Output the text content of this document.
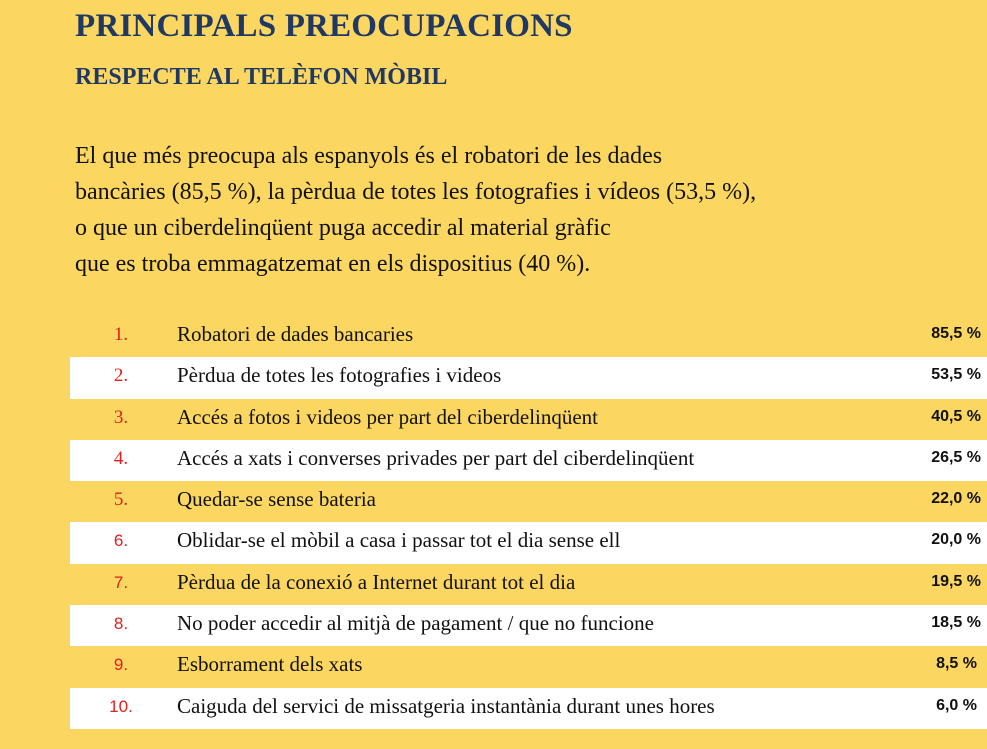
PRINCIPALS PREOCUPACIONS
RESPECTE AL TELÈFON MÒBIL
El que més preocupa als espanyols és el robatori de les dades
bancàries (85,5 %), la pèrdua de totes les fotografies i vídeos (53,5 %),
o que un ciberdelinqüent puga accedir al material gràfic
que es troba emmagatzemat en els dispositius (40 %).
1.	Robatori de dades bancaries	85,5 %
2.	Pèrdua de totes les fotografies i videos	53,5 %
3.	Accés a fotos i videos per part del ciberdelinqüent	40,5 %
4.	Accés a xats i converses privades per part del ciberdelinqüent	26,5 %
5.	Quedar-se sense bateria	22,0 %
6.	Oblidar-se el mòbil a casa i passar tot el dia sense ell	20,0 %
7.	Pèrdua de la conexió a Internet durant tot el dia	19,5 %
8.	No poder accedir al mitjà de pagament / que no funcione	18,5 %
9.	Esborrament dels xats	8,5 %
10.	Caiguda del servici de missatgeria instantània durant unes hores	6,0 %
